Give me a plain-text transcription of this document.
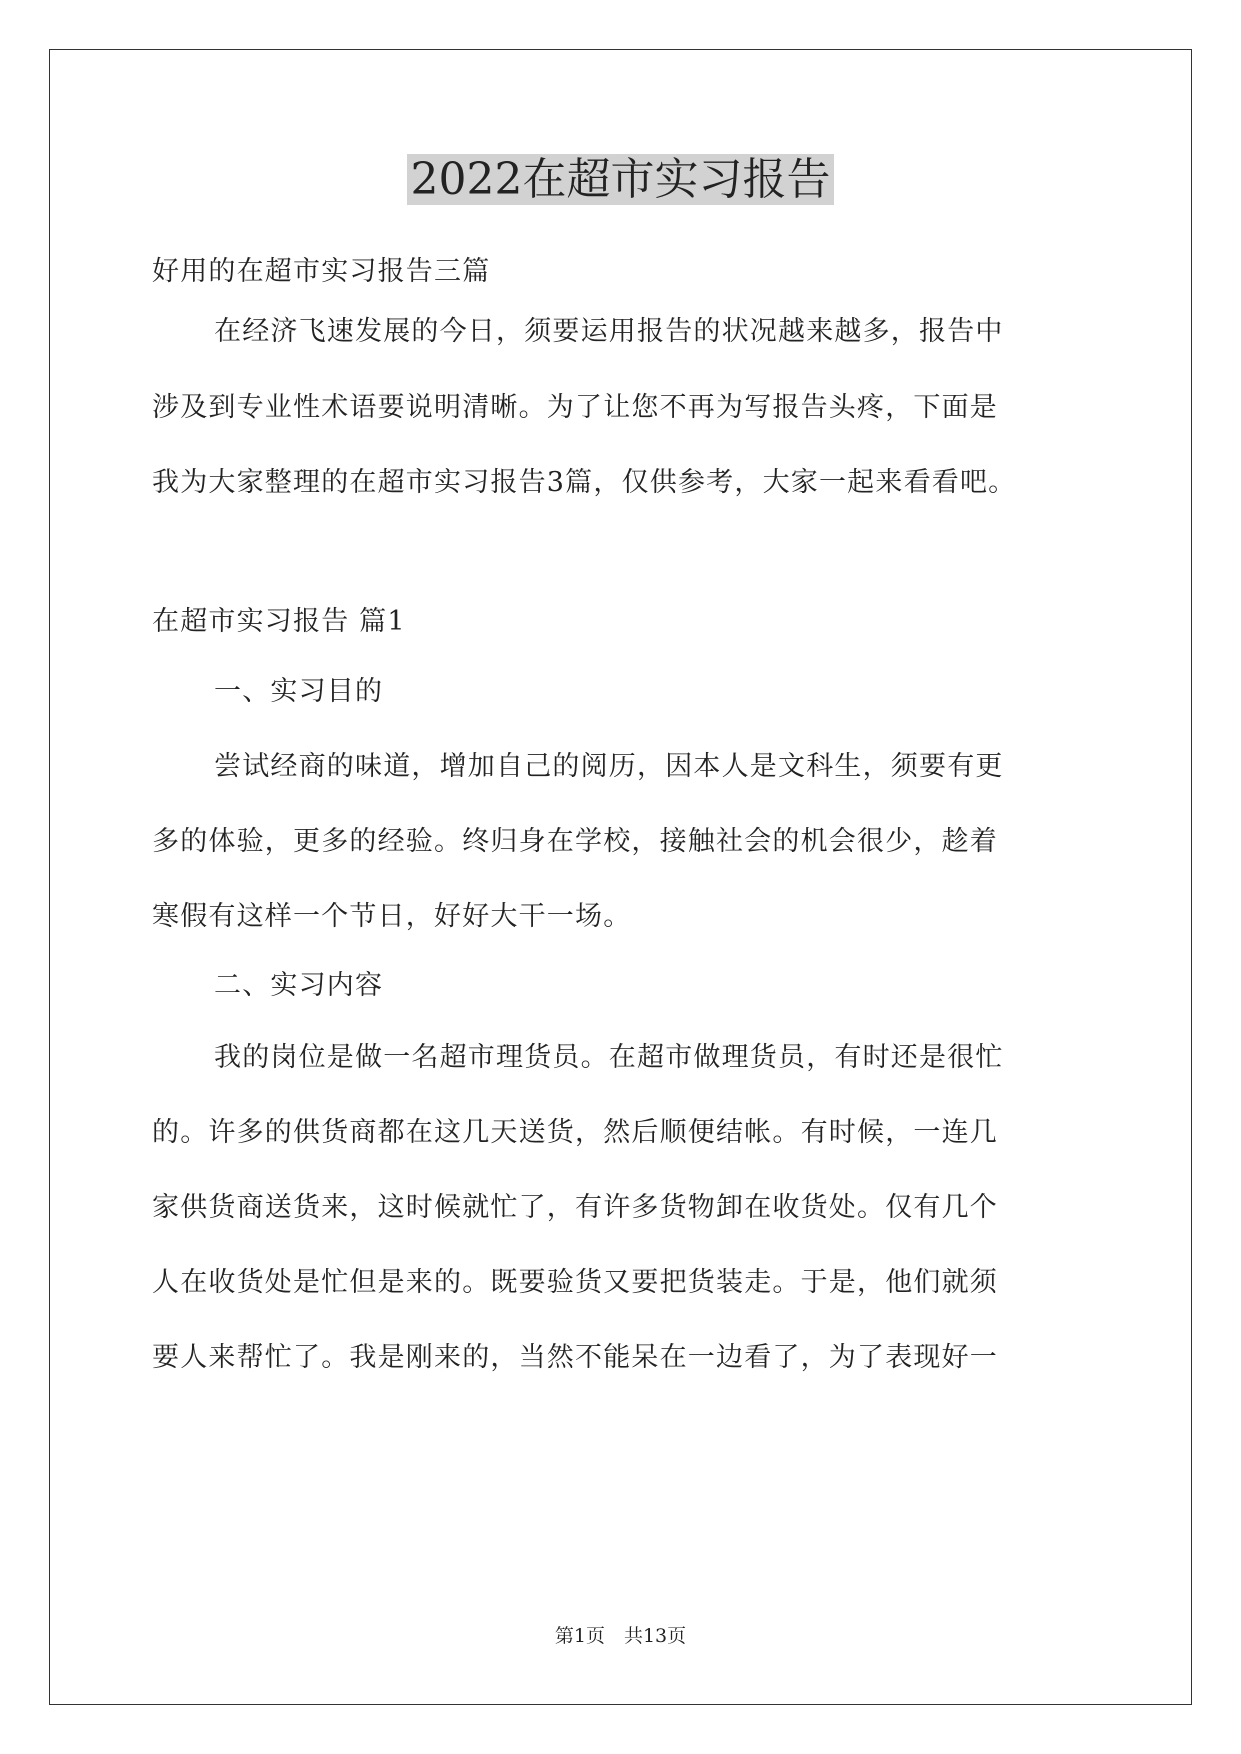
2022在超市实习报告
好用的在超市实习报告三篇
在经济飞速发展的今日，须要运用报告的状况越来越多，报告中
涉及到专业性术语要说明清晰。为了让您不再为写报告头疼，下面是
我为大家整理的在超市实习报告3篇，仅供参考，大家一起来看看吧。
在超市实习报告 篇1
一、实习目的
尝试经商的味道，增加自己的阅历，因本人是文科生，须要有更
多的体验，更多的经验。终归身在学校，接触社会的机会很少，趁着
寒假有这样一个节日，好好大干一场。
二、实习内容
我的岗位是做一名超市理货员。在超市做理货员，有时还是很忙
的。许多的供货商都在这几天送货，然后顺便结帐。有时候，一连几
家供货商送货来，这时候就忙了，有许多货物卸在收货处。仅有几个
人在收货处是忙但是来的。既要验货又要把货装走。于是，他们就须
要人来帮忙了。我是刚来的，当然不能呆在一边看了，为了表现好一
第1页　共13页
